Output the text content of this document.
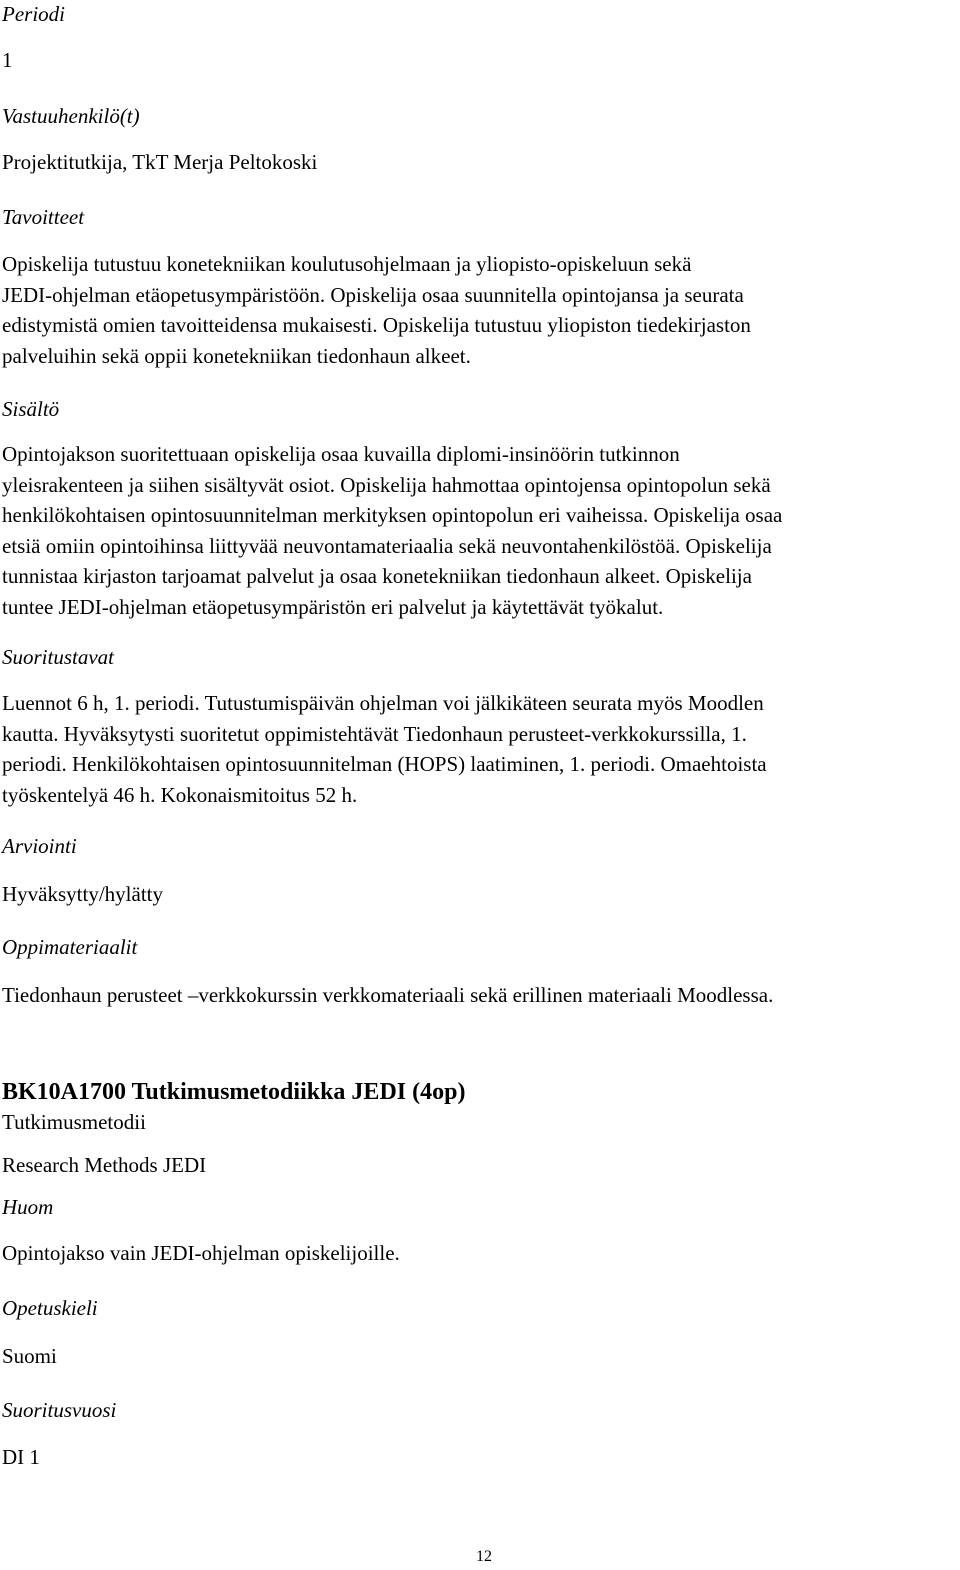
Periodi
1
Vastuuhenkilö(t)
Projektitutkija, TkT Merja Peltokoski
Tavoitteet
Opiskelija tutustuu konetekniikan koulutusohjelmaan ja yliopisto-opiskeluun sekä
JEDI-ohjelman etäopetusympäristöön. Opiskelija osaa suunnitella opintojansa ja seurata
edistymistä omien tavoitteidensa mukaisesti. Opiskelija tutustuu yliopiston tiedekirjaston
palveluihin sekä oppii konetekniikan tiedonhaun alkeet.
Sisältö
Opintojakson suoritettuaan opiskelija osaa kuvailla diplomi-insinöörin tutkinnon
yleisrakenteen ja siihen sisältyvät osiot. Opiskelija hahmottaa opintojensa opintopolun sekä
henkilökohtaisen opintosuunnitelman merkityksen opintopolun eri vaiheissa. Opiskelija osaa
etsiä omiin opintoihinsa liittyvää neuvontamateriaalia sekä neuvontahenkilöstöä. Opiskelija
tunnistaa kirjaston tarjoamat palvelut ja osaa konetekniikan tiedonhaun alkeet. Opiskelija
tuntee JEDI-ohjelman etäopetusympäristön eri palvelut ja käytettävät työkalut.
Suoritustavat
Luennot 6 h, 1. periodi. Tutustumispäivän ohjelman voi jälkikäteen seurata myös Moodlen
kautta. Hyväksytysti suoritetut oppimistehtävät Tiedonhaun perusteet-verkkokurssilla, 1.
periodi. Henkilökohtaisen opintosuunnitelman (HOPS) laatiminen, 1. periodi. Omaehtoista
työskentelyä 46 h. Kokonaismitoitus 52 h.
Arviointi
Hyväksytty/hylätty
Oppimateriaalit
Tiedonhaun perusteet –verkkokurssin verkkomateriaali sekä erillinen materiaali Moodlessa.
BK10A1700 Tutkimusmetodiikka JEDI (4op)
Tutkimusmetodii
Research Methods JEDI
Huom
Opintojakso vain JEDI-ohjelman opiskelijoille.
Opetuskieli
Suomi
Suoritusvuosi
DI 1
12
